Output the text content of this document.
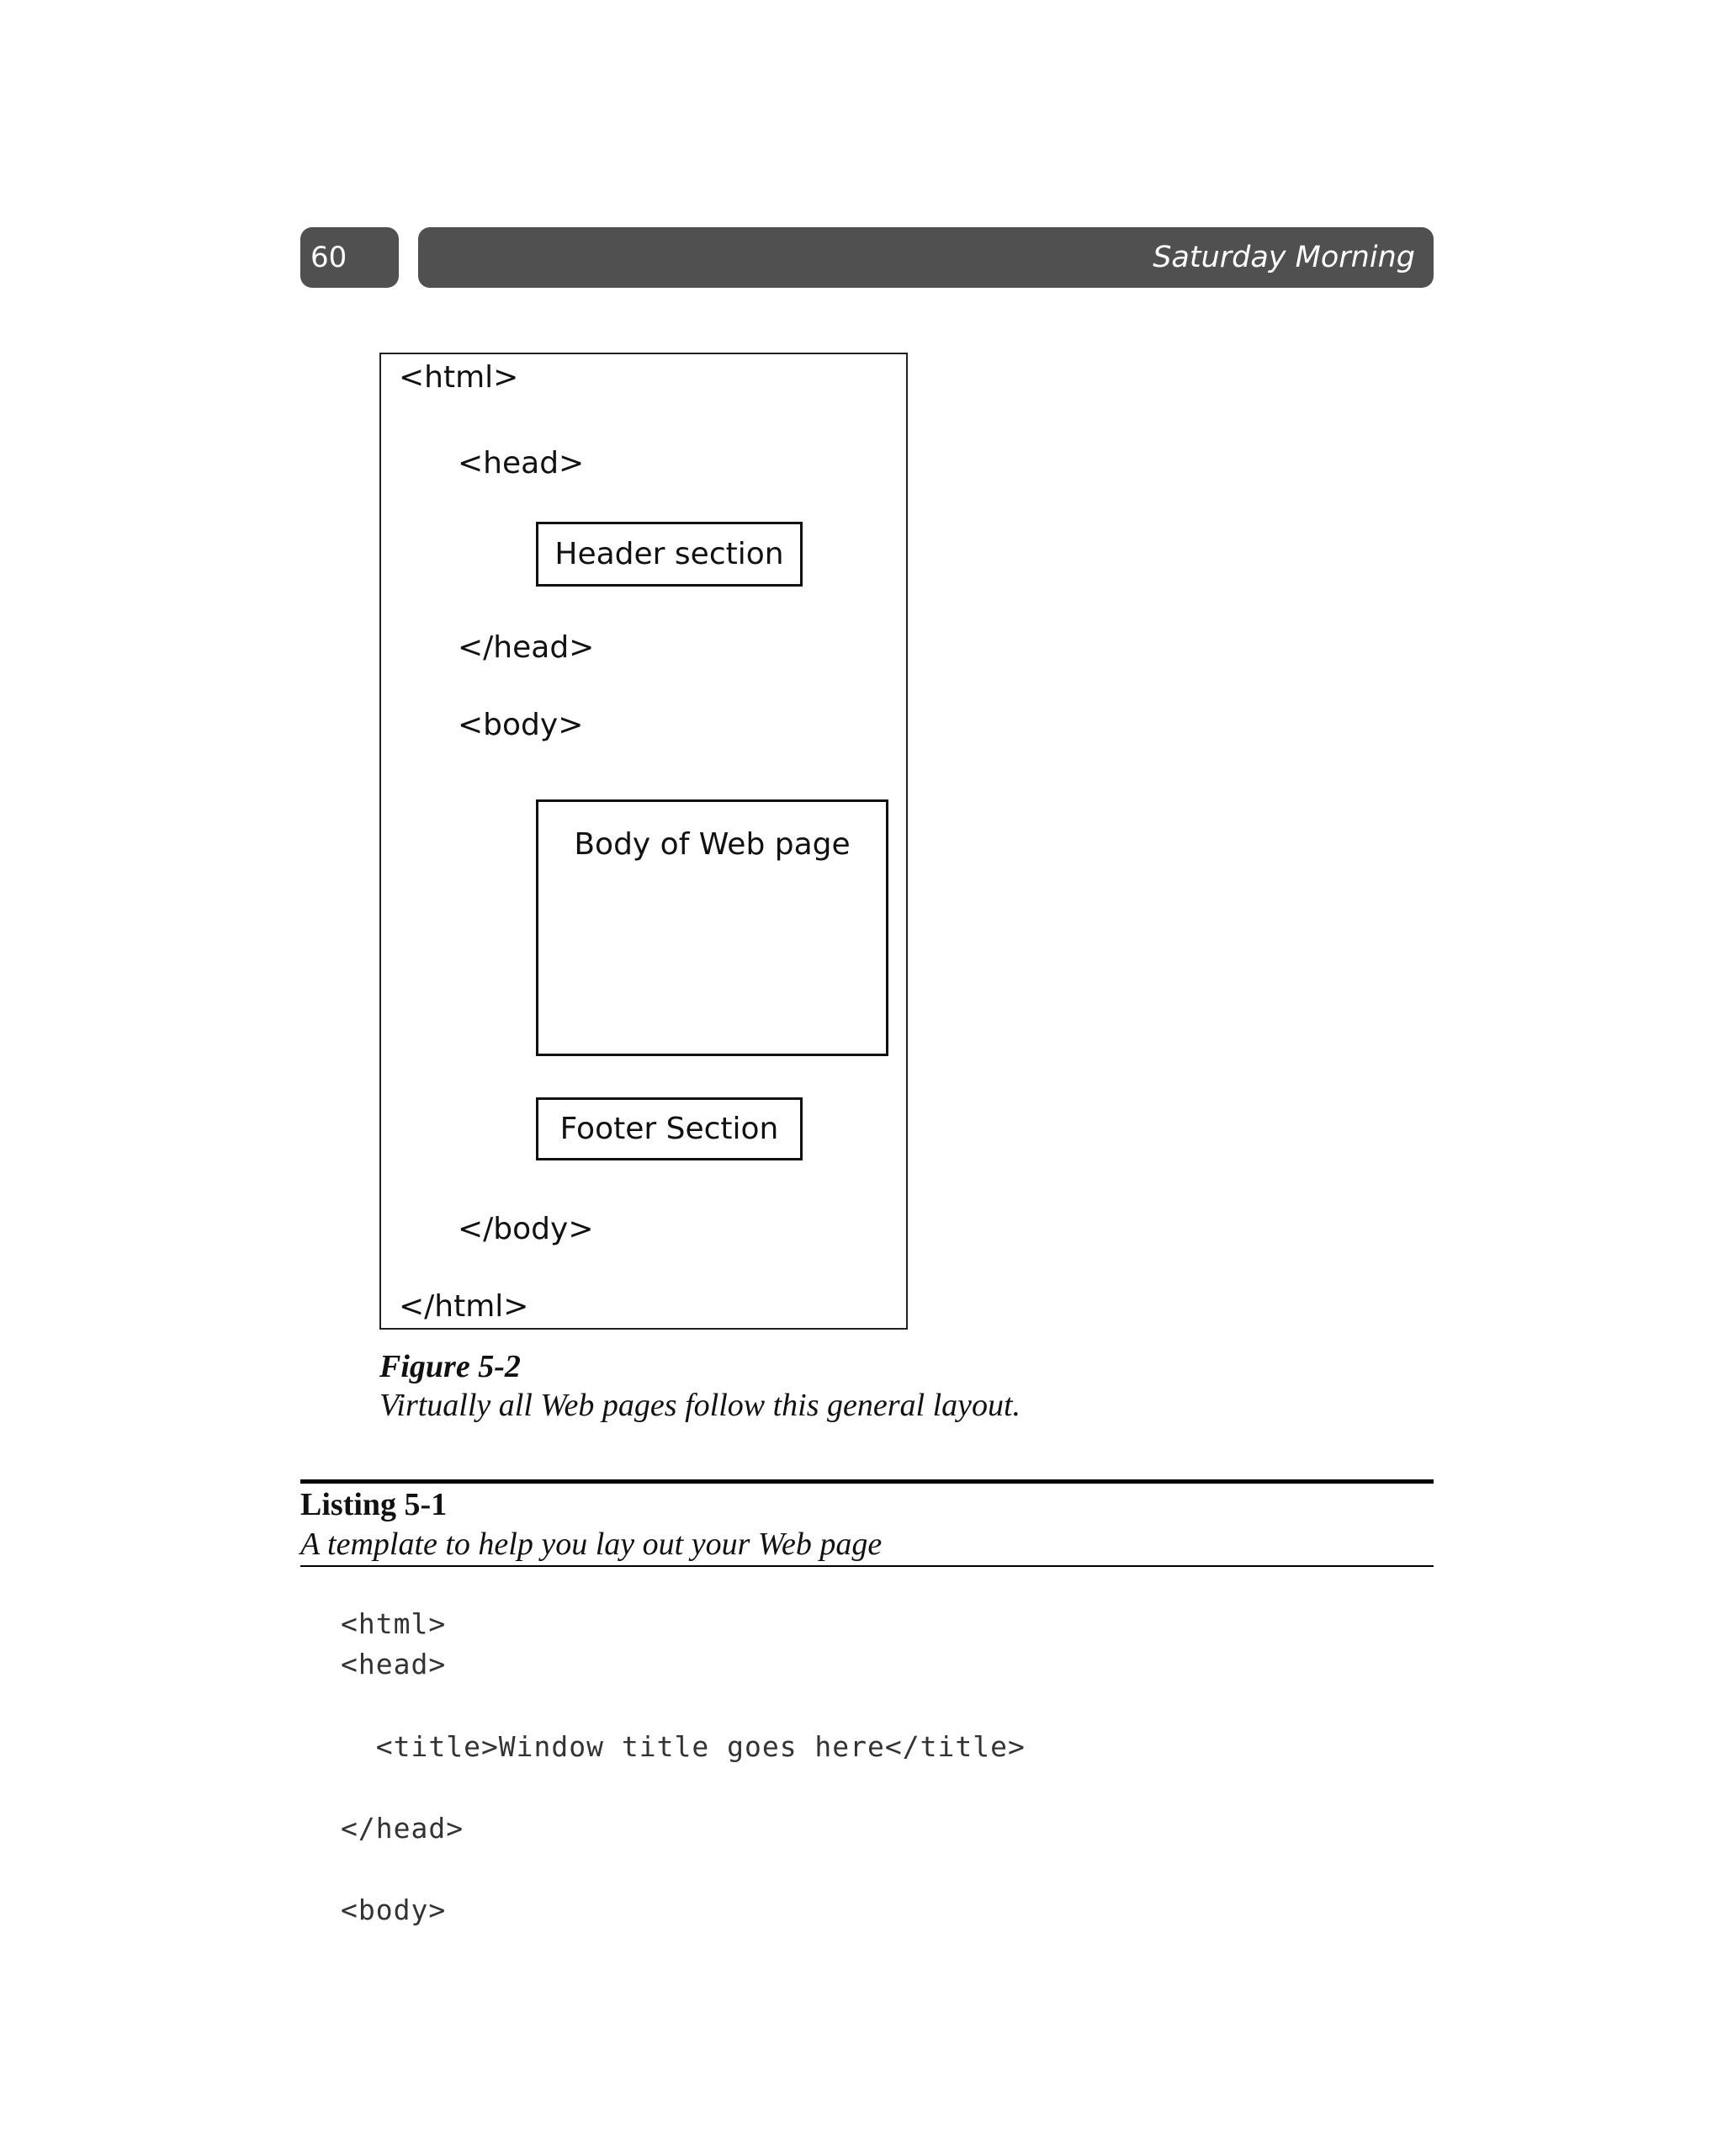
60	Saturday Morning
<html>
<head>
Header section
</head>
<body>
Body of Web page
Footer Section
</body>
</html>
Figure 5-2
Virtually all Web pages follow this general layout.
Listing 5-1
A template to help you lay out your Web page
<html>
<head>
<title>Window title goes here</title>
</head>
<body>
